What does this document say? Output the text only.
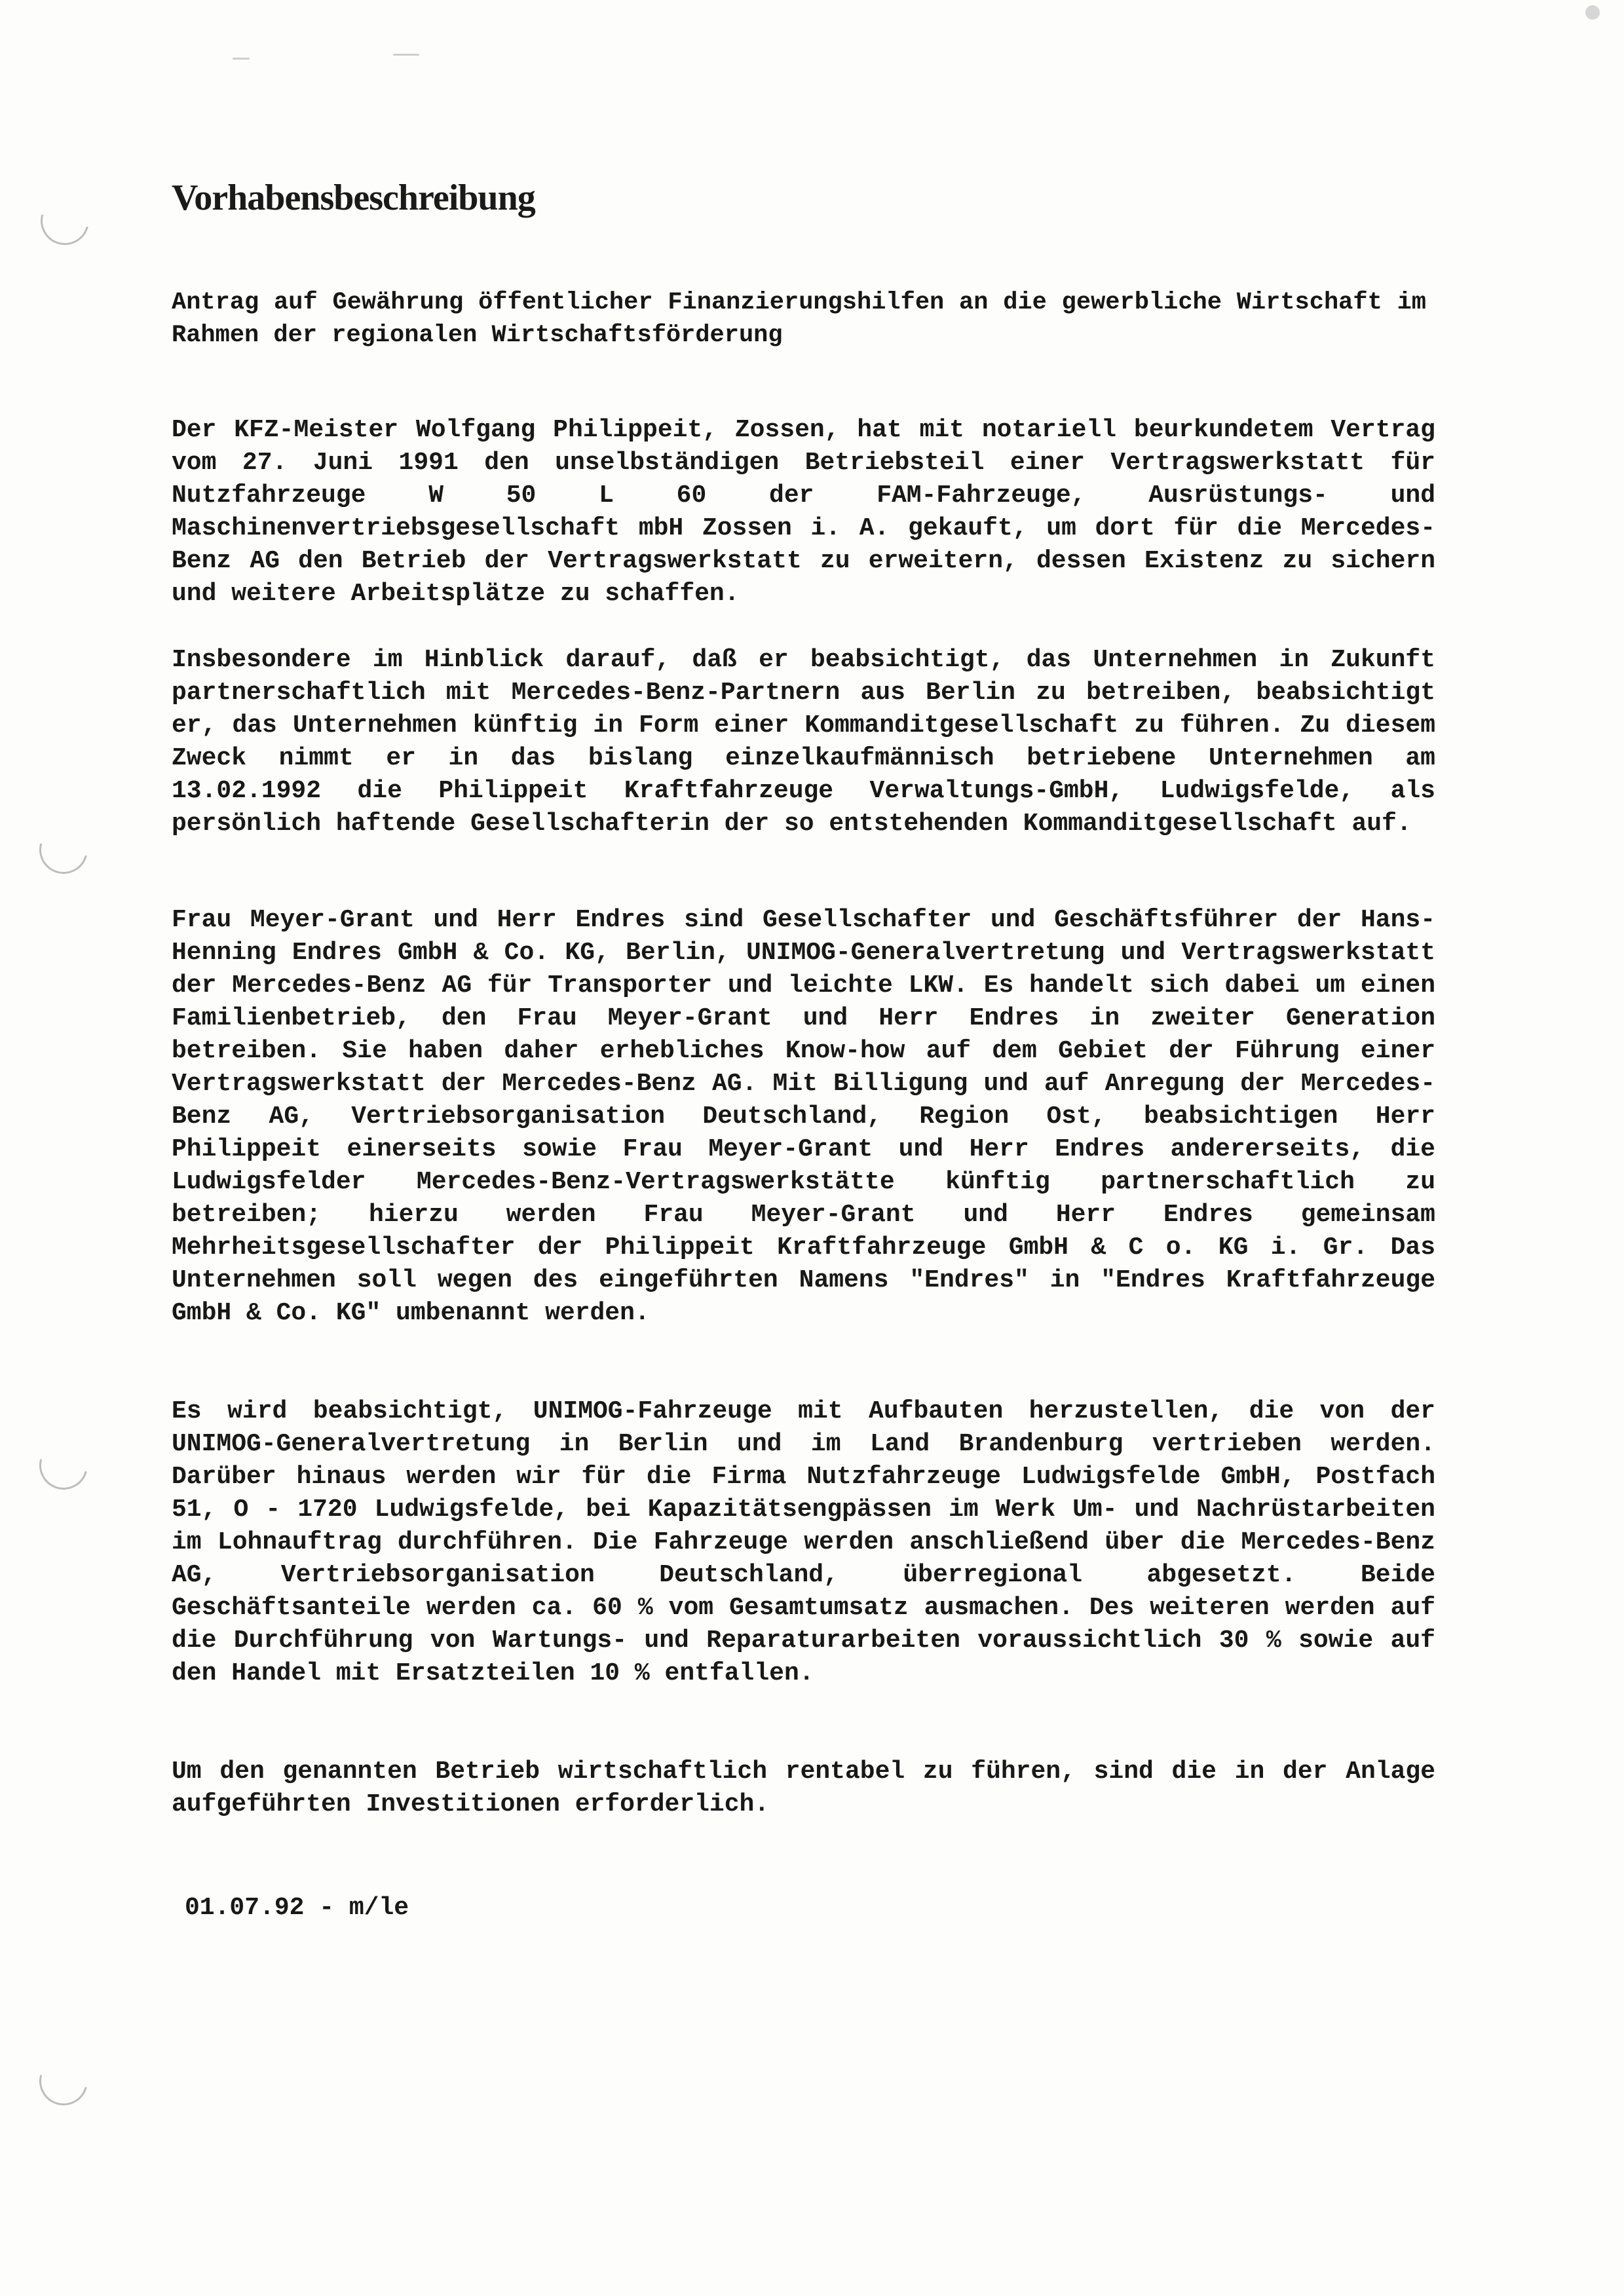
Vorhabensbeschreibung

Antrag auf Gewährung öffentlicher Finanzierungshilfen an die gewerbliche Wirtschaft im Rahmen der regionalen Wirtschaftsförderung

Der KFZ-Meister Wolfgang Philippeit, Zossen, hat mit notariell beurkundetem Vertrag vom 27. Juni 1991 den unselbständigen Betriebsteil einer Vertragswerkstatt für Nutzfahrzeuge W 50 L 60 der FAM-Fahrzeuge, Ausrüstungs- und Maschinenvertriebsgesellschaft mbH Zossen i. A. gekauft, um dort für die Mercedes-Benz AG den Betrieb der Vertragswerkstatt zu erweitern, dessen Existenz zu sichern und weitere Arbeitsplätze zu schaffen.

Insbesondere im Hinblick darauf, daß er beabsichtigt, das Unternehmen in Zukunft partnerschaftlich mit Mercedes-Benz-Partnern aus Berlin zu betreiben, beabsichtigt er, das Unternehmen künftig in Form einer Kommanditgesellschaft zu führen. Zu diesem Zweck nimmt er in das bislang einzelkaufmännisch betriebene Unternehmen am 13.02.1992 die Philippeit Kraftfahrzeuge Verwaltungs-GmbH, Ludwigsfelde, als persönlich haftende Gesellschafterin der so entstehenden Kommanditgesellschaft auf.

Frau Meyer-Grant und Herr Endres sind Gesellschafter und Geschäftsführer der Hans-Henning Endres GmbH & Co. KG, Berlin, UNIMOG-Generalvertretung und Vertragswerkstatt der Mercedes-Benz AG für Transporter und leichte LKW. Es handelt sich dabei um einen Familienbetrieb, den Frau Meyer-Grant und Herr Endres in zweiter Generation betreiben. Sie haben daher erhebliches Know-how auf dem Gebiet der Führung einer Vertragswerkstatt der Mercedes-Benz AG. Mit Billigung und auf Anregung der Mercedes-Benz AG, Vertriebsorganisation Deutschland, Region Ost, beabsichtigen Herr Philippeit einerseits sowie Frau Meyer-Grant und Herr Endres andererseits, die Ludwigsfelder Mercedes-Benz-Vertragswerkstätte künftig partnerschaftlich zu betreiben; hierzu werden Frau Meyer-Grant und Herr Endres gemeinsam Mehrheitsgesellschafter der Philippeit Kraftfahrzeuge GmbH & C o. KG i. Gr. Das Unternehmen soll wegen des eingeführten Namens "Endres" in "Endres Kraftfahrzeuge GmbH & Co. KG" umbenannt werden.

Es wird beabsichtigt, UNIMOG-Fahrzeuge mit Aufbauten herzustellen, die von der UNIMOG-Generalvertretung in Berlin und im Land Brandenburg vertrieben werden. Darüber hinaus werden wir für die Firma Nutzfahrzeuge Ludwigsfelde GmbH, Postfach 51, O - 1720 Ludwigsfelde, bei Kapazitätsengpässen im Werk Um- und Nachrüstarbeiten im Lohnauftrag durchführen. Die Fahrzeuge werden anschließend über die Mercedes-Benz AG, Vertriebsorganisation Deutschland, überregional abgesetzt. Beide Geschäftsanteile werden ca. 60 % vom Gesamtumsatz ausmachen. Des weiteren werden auf die Durchführung von Wartungs- und Reparaturarbeiten voraussichtlich 30 % sowie auf den Handel mit Ersatzteilen 10 % entfallen.

Um den genannten Betrieb wirtschaftlich rentabel zu führen, sind die in der Anlage aufgeführten Investitionen erforderlich.

01.07.92 - m/le
